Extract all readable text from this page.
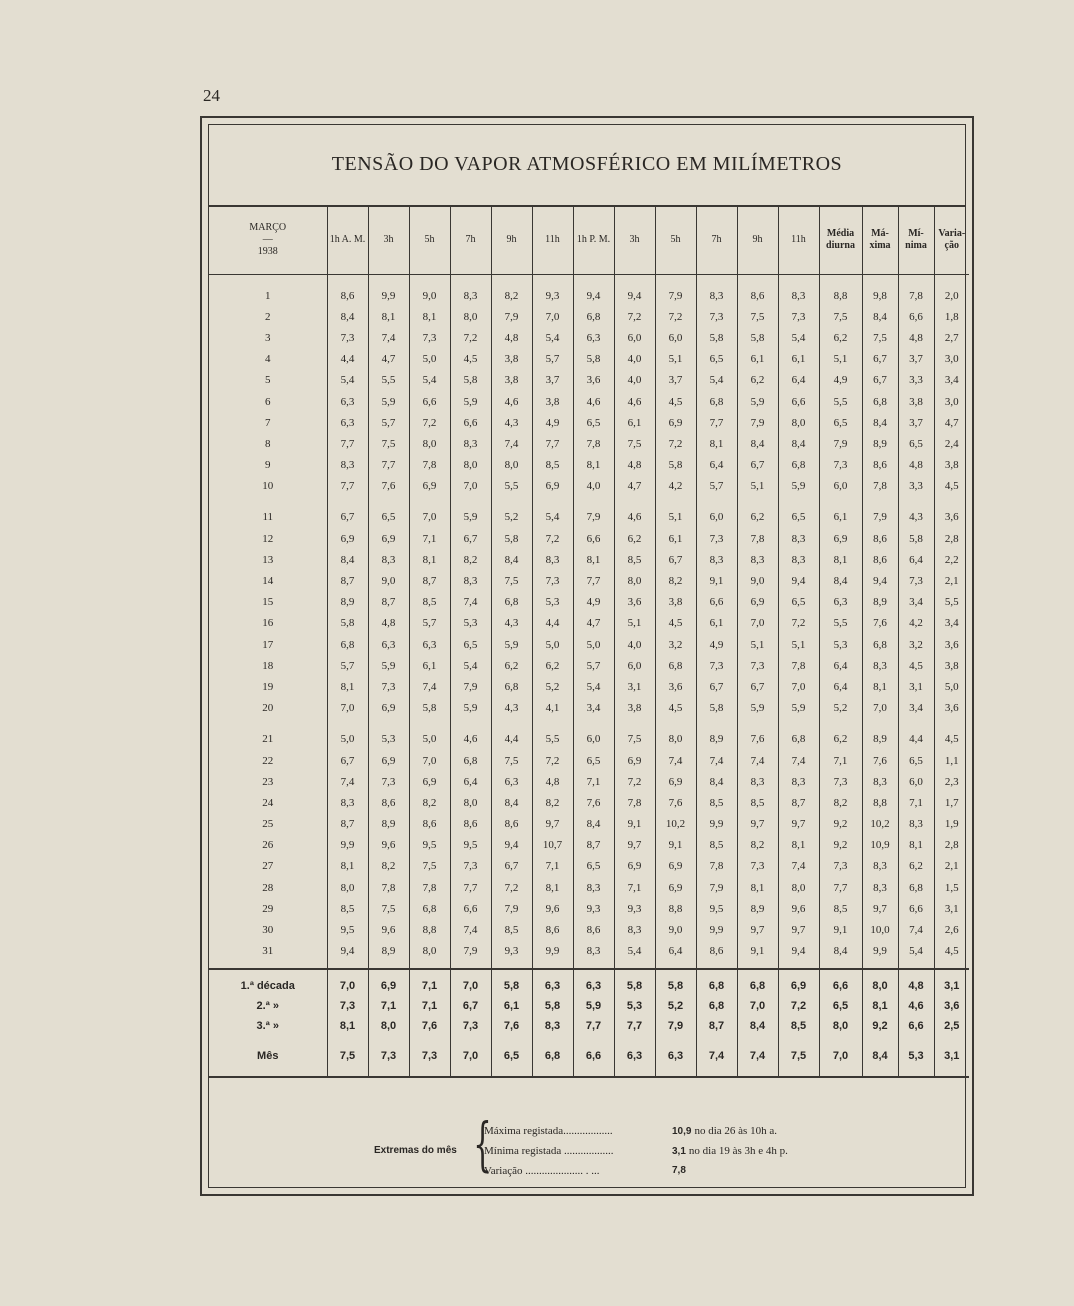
24
TENSÃO DO VAPOR ATMOSFÉRICO EM MILÍMETROS
MARÇO
—
1938	1h A. M.	3h	5h	7h	9h	11h	1h P. M.	3h	5h	7h	9h	11h	Média diurna	Má- xima	Mí- nima	Varia- ção

1	8,6	9,9	9,0	8,3	8,2	9,3	9,4	9,4	7,9	8,3	8,6	8,3	8,8	9,8	7,8	2,0
2	8,4	8,1	8,1	8,0	7,9	7,0	6,8	7,2	7,2	7,3	7,5	7,3	7,5	8,4	6,6	1,8
3	7,3	7,4	7,3	7,2	4,8	5,4	6,3	6,0	6,0	5,8	5,8	5,4	6,2	7,5	4,8	2,7
4	4,4	4,7	5,0	4,5	3,8	5,7	5,8	4,0	5,1	6,5	6,1	6,1	5,1	6,7	3,7	3,0
5	5,4	5,5	5,4	5,8	3,8	3,7	3,6	4,0	3,7	5,4	6,2	6,4	4,9	6,7	3,3	3,4
6	6,3	5,9	6,6	5,9	4,6	3,8	4,6	4,6	4,5	6,8	5,9	6,6	5,5	6,8	3,8	3,0
7	6,3	5,7	7,2	6,6	4,3	4,9	6,5	6,1	6,9	7,7	7,9	8,0	6,5	8,4	3,7	4,7
8	7,7	7,5	8,0	8,3	7,4	7,7	7,8	7,5	7,2	8,1	8,4	8,4	7,9	8,9	6,5	2,4
9	8,3	7,7	7,8	8,0	8,0	8,5	8,1	4,8	5,8	6,4	6,7	6,8	7,3	8,6	4,8	3,8
10	7,7	7,6	6,9	7,0	5,5	6,9	4,0	4,7	4,2	5,7	5,1	5,9	6,0	7,8	3,3	4,5

11	6,7	6,5	7,0	5,9	5,2	5,4	7,9	4,6	5,1	6,0	6,2	6,5	6,1	7,9	4,3	3,6
12	6,9	6,9	7,1	6,7	5,8	7,2	6,6	6,2	6,1	7,3	7,8	8,3	6,9	8,6	5,8	2,8
13	8,4	8,3	8,1	8,2	8,4	8,3	8,1	8,5	6,7	8,3	8,3	8,3	8,1	8,6	6,4	2,2
14	8,7	9,0	8,7	8,3	7,5	7,3	7,7	8,0	8,2	9,1	9,0	9,4	8,4	9,4	7,3	2,1
15	8,9	8,7	8,5	7,4	6,8	5,3	4,9	3,6	3,8	6,6	6,9	6,5	6,3	8,9	3,4	5,5
16	5,8	4,8	5,7	5,3	4,3	4,4	4,7	5,1	4,5	6,1	7,0	7,2	5,5	7,6	4,2	3,4
17	6,8	6,3	6,3	6,5	5,9	5,0	5,0	4,0	3,2	4,9	5,1	5,1	5,3	6,8	3,2	3,6
18	5,7	5,9	6,1	5,4	6,2	6,2	5,7	6,0	6,8	7,3	7,3	7,8	6,4	8,3	4,5	3,8
19	8,1	7,3	7,4	7,9	6,8	5,2	5,4	3,1	3,6	6,7	6,7	7,0	6,4	8,1	3,1	5,0
20	7,0	6,9	5,8	5,9	4,3	4,1	3,4	3,8	4,5	5,8	5,9	5,9	5,2	7,0	3,4	3,6

21	5,0	5,3	5,0	4,6	4,4	5,5	6,0	7,5	8,0	8,9	7,6	6,8	6,2	8,9	4,4	4,5
22	6,7	6,9	7,0	6,8	7,5	7,2	6,5	6,9	7,4	7,4	7,4	7,4	7,1	7,6	6,5	1,1
23	7,4	7,3	6,9	6,4	6,3	4,8	7,1	7,2	6,9	8,4	8,3	8,3	7,3	8,3	6,0	2,3
24	8,3	8,6	8,2	8,0	8,4	8,2	7,6	7,8	7,6	8,5	8,5	8,7	8,2	8,8	7,1	1,7
25	8,7	8,9	8,6	8,6	8,6	9,7	8,4	9,1	10,2	9,9	9,7	9,7	9,2	10,2	8,3	1,9
26	9,9	9,6	9,5	9,5	9,4	10,7	8,7	9,7	9,1	8,5	8,2	8,1	9,2	10,9	8,1	2,8
27	8,1	8,2	7,5	7,3	6,7	7,1	6,5	6,9	6,9	7,8	7,3	7,4	7,3	8,3	6,2	2,1
28	8,0	7,8	7,8	7,7	7,2	8,1	8,3	7,1	6,9	7,9	8,1	8,0	7,7	8,3	6,8	1,5
29	8,5	7,5	6,8	6,6	7,9	9,6	9,3	9,3	8,8	9,5	8,9	9,6	8,5	9,7	6,6	3,1
30	9,5	9,6	8,8	7,4	8,5	8,6	8,6	8,3	9,0	9,9	9,7	9,7	9,1	10,0	7,4	2,6
31	9,4	8,9	8,0	7,9	9,3	9,9	8,3	5,4	6,4	8,6	9,1	9,4	8,4	9,9	5,4	4,5

1.ª década	7,0	6,9	7,1	7,0	5,8	6,3	6,3	5,8	5,8	6,8	6,8	6,9	6,6	8,0	4,8	3,1
2.ª »	7,3	7,1	7,1	6,7	6,1	5,8	5,9	5,3	5,2	6,8	7,0	7,2	6,5	8,1	4,6	3,6
3.ª »	8,1	8,0	7,6	7,3	7,6	8,3	7,7	7,7	7,9	8,7	8,4	8,5	8,0	9,2	6,6	2,5
Mês	7,5	7,3	7,3	7,0	6,5	6,8	6,6	6,3	6,3	7,4	7,4	7,5	7,0	8,4	5,3	3,1
Extremas do mês {
Máxima registada..................	10,9 no dia 26 às 10h a.
Mínima registada ..................	3,1 no dia 19 às 3h e 4h p.
Variação ..................... . ...	7,8
